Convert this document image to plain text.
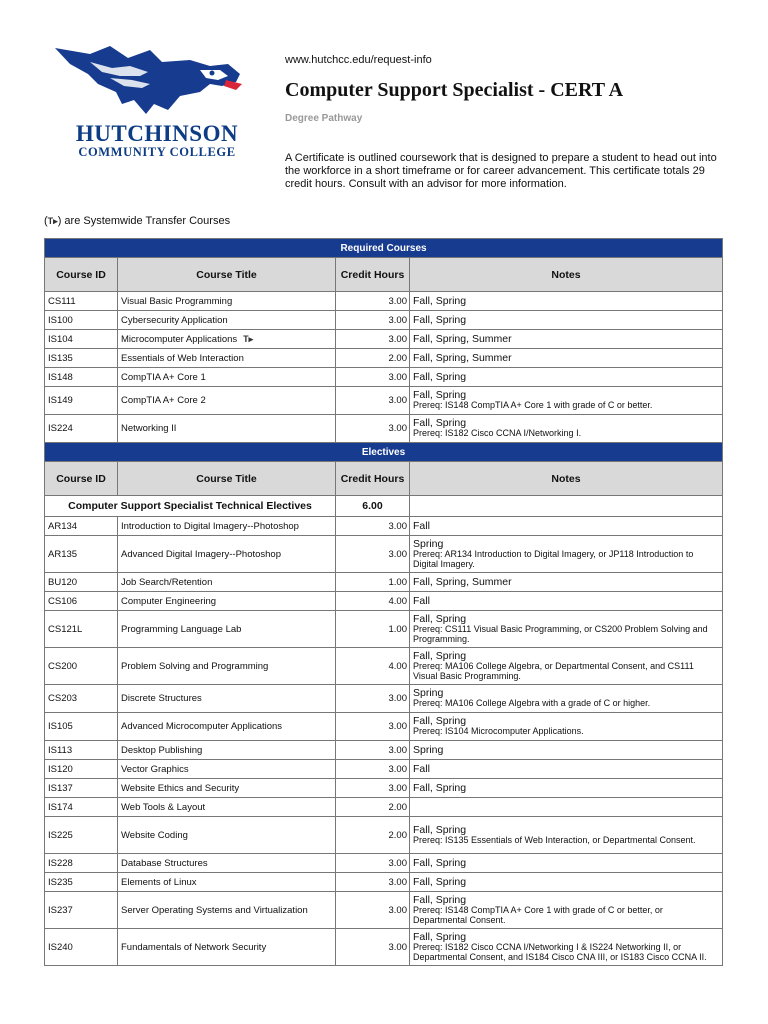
HUTCHINSON
COMMUNITY COLLEGE
www.hutchcc.edu/request-info
Computer Support Specialist - CERT A
Degree Pathway
A Certificate is outlined coursework that is designed to prepare a student to head out into the workforce in a short timeframe or for career advancement. This certificate totals 29 credit hours. Consult with an advisor for more information.
(T▸) are Systemwide Transfer Courses
Required Courses			
Course ID	Course Title	Credit Hours	Notes
CS111	Visual Basic Programming	3.00	Fall, Spring

IS100	Cybersecurity Application	3.00	Fall, Spring

IS104	Microcomputer Applications T▸	3.00	Fall, Spring, Summer

IS135	Essentials of Web Interaction	2.00	Fall, Spring, Summer

IS148	CompTIA A+ Core 1	3.00	Fall, Spring

IS149	CompTIA A+ Core 2	3.00	Fall, Spring
Prereq: IS148 CompTIA A+ Core 1 with grade of C or better.

IS224	Networking II	3.00	Fall, Spring
Prereq: IS182 Cisco CCNA I/Networking I.

Electives			
Course ID	Course Title	Credit Hours	Notes
Computer Support Specialist Technical Electives		6.00	
AR134	Introduction to Digital Imagery--Photoshop	3.00	Fall

AR135	Advanced Digital Imagery--Photoshop	3.00	Spring
Prereq: AR134 Introduction to Digital Imagery, or JP118 Introduction to Digital Imagery.

BU120	Job Search/Retention	1.00	Fall, Spring, Summer

CS106	Computer Engineering	4.00	Fall

CS121L	Programming Language Lab	1.00	Fall, Spring
Prereq: CS111 Visual Basic Programming, or CS200 Problem Solving and Programming.

CS200	Problem Solving and Programming	4.00	Fall, Spring
Prereq: MA106 College Algebra, or Departmental Consent, and CS111 Visual Basic Programming.

CS203	Discrete Structures	3.00	Spring
Prereq: MA106 College Algebra with a grade of C or higher.

IS105	Advanced Microcomputer Applications	3.00	Fall, Spring
Prereq: IS104 Microcomputer Applications.

IS113	Desktop Publishing	3.00	Spring

IS120	Vector Graphics	3.00	Fall

IS137	Website Ethics and Security	3.00	Fall, Spring

IS174	Web Tools & Layout	2.00	

IS225	Website Coding	2.00	Fall, Spring
Prereq: IS135 Essentials of Web Interaction, or Departmental Consent.

IS228	Database Structures	3.00	Fall, Spring

IS235	Elements of Linux	3.00	Fall, Spring

IS237	Server Operating Systems and Virtualization	3.00	Fall, Spring
Prereq: IS148 CompTIA A+ Core 1 with grade of C or better, or Departmental Consent.

IS240	Fundamentals of Network Security	3.00	Fall, Spring
Prereq: IS182 Cisco CCNA I/Networking I & IS224 Networking II, or Departmental Consent, and IS184 Cisco CNA III, or IS183 Cisco CCNA II.
